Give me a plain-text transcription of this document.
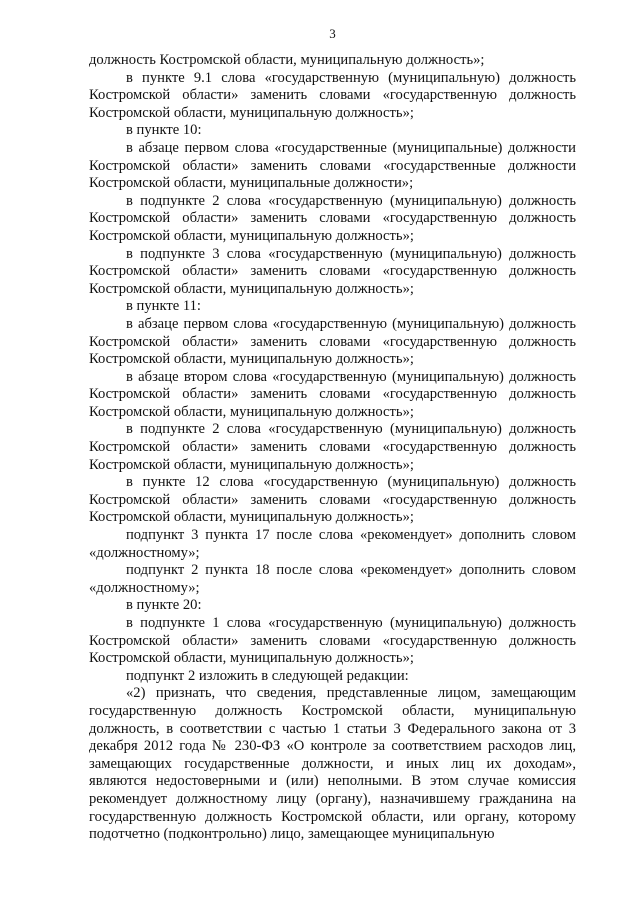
3

должность Костромской области, муниципальную должность»;

в пункте 9.1 слова «государственную (муниципальную) должность Костромской области» заменить словами «государственную должность Костромской области, муниципальную должность»;

в пункте 10:

в абзаце первом слова «государственные (муниципальные) должности Костромской области» заменить словами «государственные должности Костромской области, муниципальные должности»;

в подпункте 2 слова «государственную (муниципальную) должность Костромской области» заменить словами «государственную должность Костромской области, муниципальную должность»;

в подпункте 3 слова «государственную (муниципальную) должность Костромской области» заменить словами «государственную должность Костромской области, муниципальную должность»;

в пункте 11:

в абзаце первом слова «государственную (муниципальную) должность Костромской области» заменить словами «государственную должность Костромской области, муниципальную должность»;

в абзаце втором слова «государственную (муниципальную) должность Костромской области» заменить словами «государственную должность Костромской области, муниципальную должность»;

в подпункте 2 слова «государственную (муниципальную) должность Костромской области» заменить словами «государственную должность Костромской области, муниципальную должность»;

в пункте 12 слова «государственную (муниципальную) должность Костромской области» заменить словами «государственную должность Костромской области, муниципальную должность»;

подпункт 3 пункта 17 после слова «рекомендует» дополнить словом «должностному»;

подпункт 2 пункта 18 после слова «рекомендует» дополнить словом «должностному»;

в пункте 20:

в подпункте 1 слова «государственную (муниципальную) должность Костромской области» заменить словами «государственную должность Костромской области, муниципальную должность»;

подпункт 2 изложить в следующей редакции:

«2) признать, что сведения, представленные лицом, замещающим государственную должность Костромской области, муниципальную должность, в соответствии с частью 1 статьи 3 Федерального закона от 3 декабря 2012 года № 230-ФЗ «О контроле за соответствием расходов лиц, замещающих государственные должности, и иных лиц их доходам», являются недостоверными и (или) неполными. В этом случае комиссия рекомендует должностному лицу (органу), назначившему гражданина на государственную должность Костромской области, или органу, которому подотчетно (подконтрольно) лицо, замещающее муниципальную
